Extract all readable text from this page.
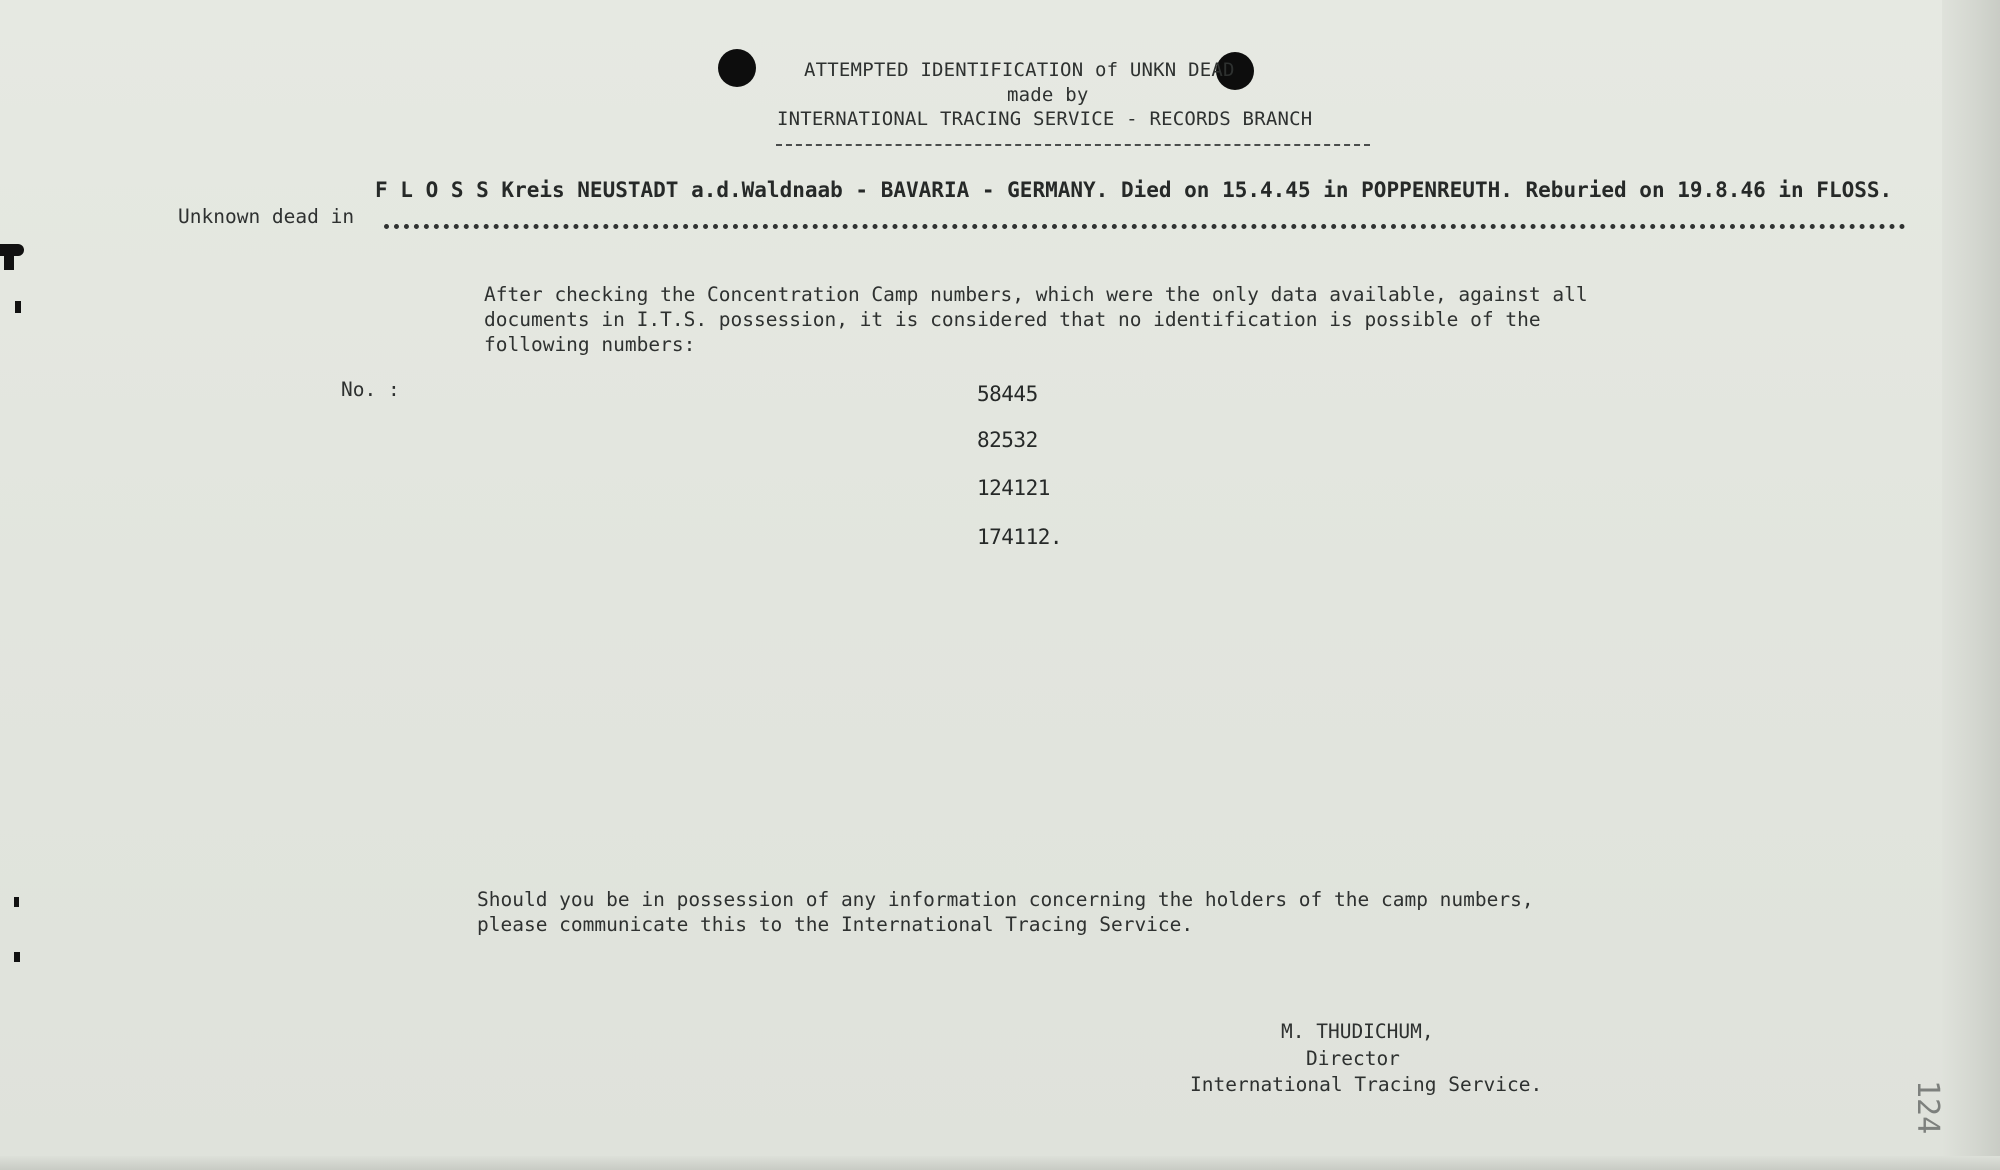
ATTEMPTED IDENTIFICATION of UNKN DEAD
made by
INTERNATIONAL TRACING SERVICE - RECORDS BRANCH
F L O S S Kreis NEUSTADT a.d.Waldnaab - BAVARIA - GERMANY. Died on 15.4.45 in POPPENREUTH. Reburied on 19.8.46 in FLOSS.
Unknown dead in
After checking the Concentration Camp numbers, which were the only data available, against all
documents in I.T.S. possession, it is considered that no identification is possible of the
following numbers:
No. :	58445
82532
124121
174112.
Should you be in possession of any information concerning the holders of the camp numbers,
please communicate this to the International Tracing Service.
M. THUDICHUM,
Director
International Tracing Service.	124
